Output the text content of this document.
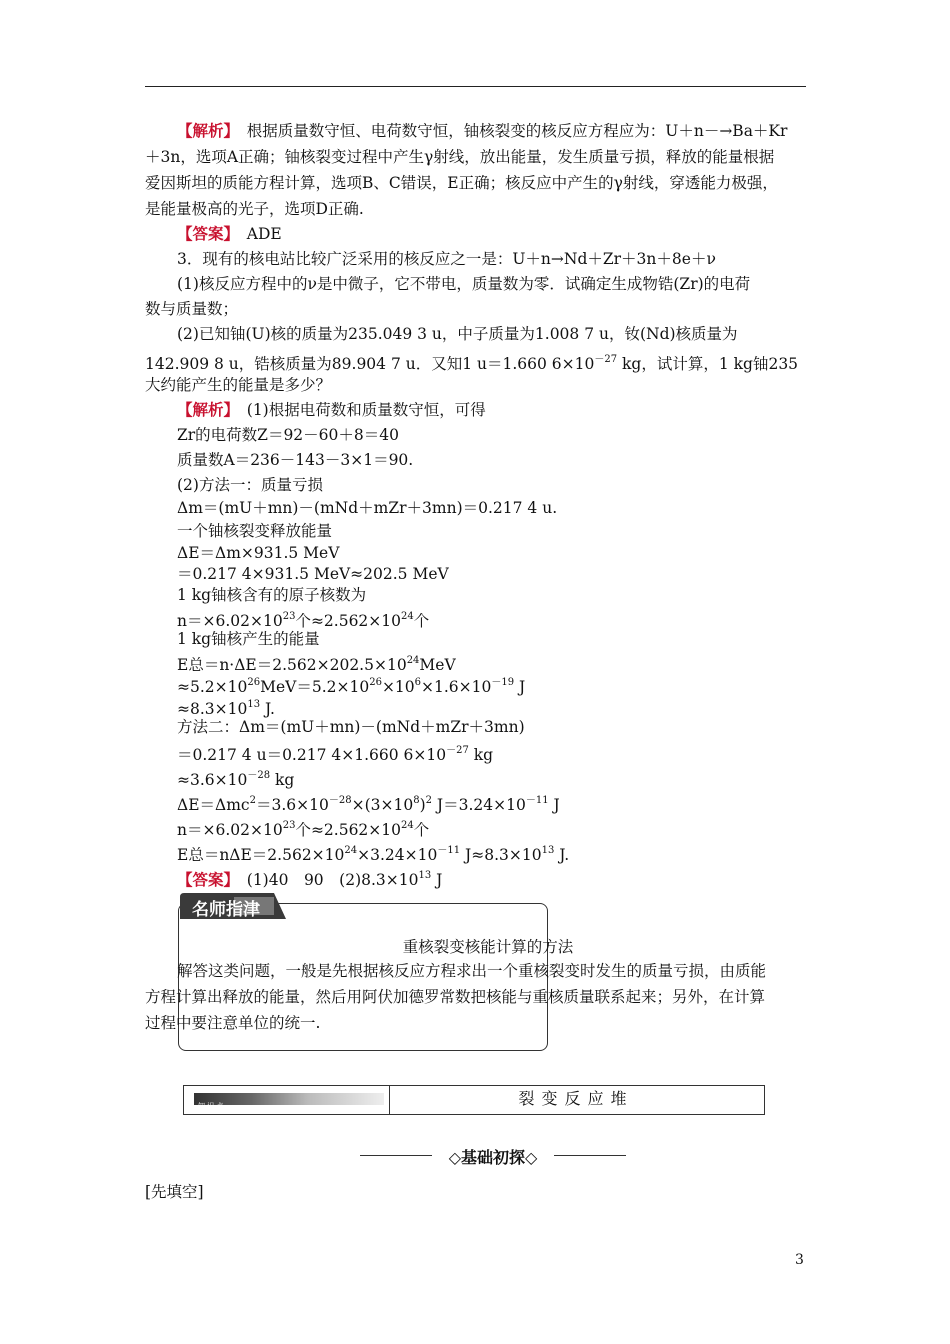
【解析】　根据质量数守恒、电荷数守恒，铀核裂变的核反应方程应为：U＋n－→Ba＋Kr
＋3n，选项A正确；铀核裂变过程中产生γ射线，放出能量，发生质量亏损，释放的能量根据
爱因斯坦的质能方程计算，选项B、C错误，E正确；核反应中产生的γ射线，穿透能力极强，
是能量极高的光子，选项D正确.
【答案】　ADE
3．现有的核电站比较广泛采用的核反应之一是：U＋n→Nd＋Zr＋3n＋8e＋ν
(1)核反应方程中的ν是中微子，它不带电，质量数为零．试确定生成物锆(Zr)的电荷
数与质量数；
(2)已知铀(U)核的质量为235.049 3 u，中子质量为1.008 7 u，钕(Nd)核质量为
142.909 8 u，锆核质量为89.904 7 u．又知1 u＝1.660 $6\times 10^{-27}$ kg，试计算，1 kg铀235
大约能产生的能量是多少？
【解析】　(1)根据电荷数和质量数守恒，可得
Zr的电荷数Z＝92－60＋8＝40
质量数A＝236－143－3×1＝90.
(2)方法一：质量亏损
Δm＝(mU＋mn)－(mNd＋mZr＋3mn)＝0.217 4 u.
一个铀核裂变释放能量
ΔE＝Δm×931.5 MeV
＝0.217 4×931.5 MeV≈202.5 MeV
1 kg铀核含有的原子核数为
$n=\times 6.02\times 10^{23}$个$\approx 2.562\times 10^{24}$个
1 kg铀核产生的能量
E总$=n\cdot\Delta E=2.562\times 202.5\times 10^{24}MeV$
$\approx 5.2\times 10^{26}MeV=5.2\times 10^{26}\times 10^6\times 1.6\times 10^{-19}$ J
$\approx 8.3\times 10^{13}$ J.
方法二：Δm＝(mU＋mn)－(mNd＋mZr＋3mn)
＝0.217 4 u＝0.217 4×1.660 $6\times 10^{-27}$ kg
$\approx 3.6\times 10^{-28}$ kg
$\Delta E=\Delta mc^2=3.6\times 10^{-28}\times(3\times 10^8)^2$ $J=3.24\times 10^{-11}$ J
$n=\times 6.02\times 10^{23}$个$\approx 2.562\times 10^{24}$个
E总$=n\Delta E=2.562\times 10^{24}\times 3.24\times 10^{-11}$ $J\approx 8.3\times 10^{13}$ J.
【答案】　(1)40　90　$(2)8.3\times 10^{13}$ J
名师指津
重核裂变核能计算的方法
解答这类问题，一般是先根据核反应方程求出一个重核裂变时发生的质量亏损，由质能
方程计算出释放的能量，然后用阿伏加德罗常数把核能与重核质量联系起来；另外，在计算
过程中要注意单位的统一.
知 识 点	裂变反应堆
◇基础初探◇
[先填空]
3
